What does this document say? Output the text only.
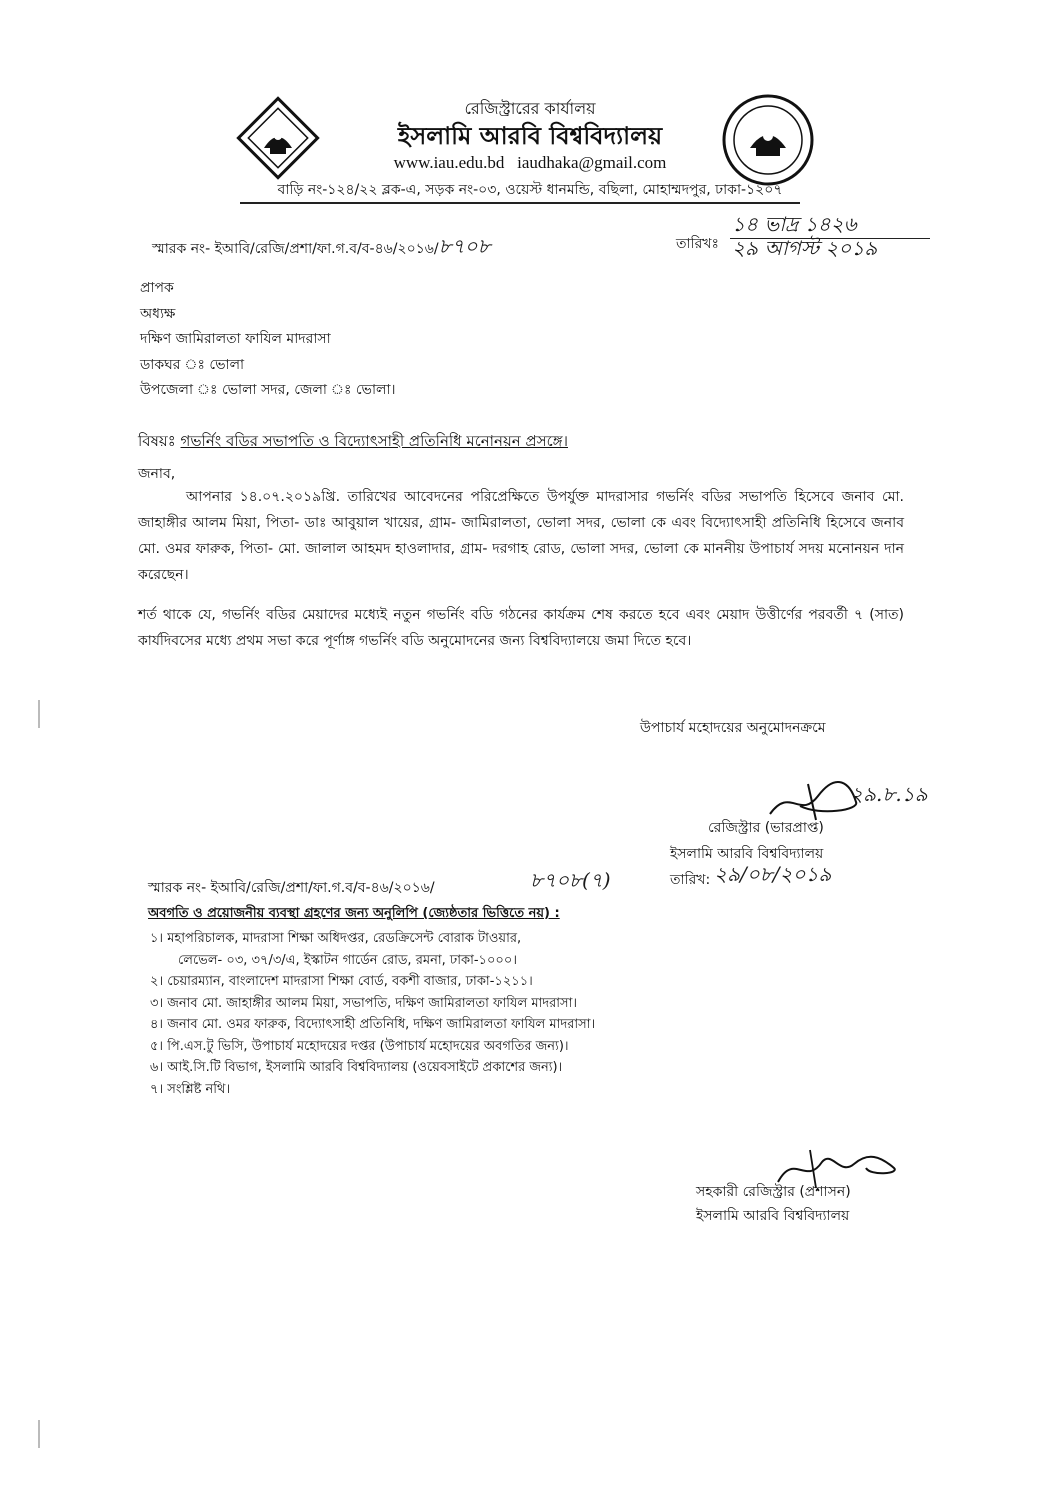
রেজিস্ট্রারের কার্যালয়
ইসলামি আরবি বিশ্ববিদ্যালয়
www.iau.edu.bd iaudhaka@gmail.com
বাড়ি নং-১২৪/২২ ব্লক-এ, সড়ক নং-০৩, ওয়েস্ট ধানমন্ডি, বছিলা, মোহাম্মদপুর, ঢাকা-১২০৭
স্মারক নং- ইআবি/রেজি/প্রশা/ফা.গ.ব/ব-৪৬/২০১৬/৮৭০৮	তারিখঃ
১৪ ভাদ্র ১৪২৬
২৯ আগস্ট ২০১৯
প্রাপক
অধ্যক্ষ
দক্ষিণ জামিরালতা ফাযিল মাদরাসা
ডাকঘর ঃ ভোলা
উপজেলা ঃ ভোলা সদর, জেলা ঃ ভোলা।
বিষয়ঃ গভর্নিং বডির সভাপতি ও বিদ্যোৎসাহী প্রতিনিধি মনোনয়ন প্রসঙ্গে।
জনাব,
আপনার ১৪.০৭.২০১৯খ্রি. তারিখের আবেদনের পরিপ্রেক্ষিতে উপর্যুক্ত মাদরাসার গভর্নিং বডির সভাপতি হিসেবে জনাব মো. জাহাঙ্গীর আলম মিয়া, পিতা- ডাঃ আবুয়াল খায়ের, গ্রাম- জামিরালতা, ভোলা সদর, ভোলা কে এবং বিদ্যোৎসাহী প্রতিনিধি হিসেবে জনাব মো. ওমর ফারুক, পিতা- মো. জালাল আহমদ হাওলাদার, গ্রাম- দরগাহ রোড, ভোলা সদর, ভোলা কে মাননীয় উপাচার্য সদয় মনোনয়ন দান করেছেন।
শর্ত থাকে যে, গভর্নিং বডির মেয়াদের মধ্যেই নতুন গভর্নিং বডি গঠনের কার্যক্রম শেষ করতে হবে এবং মেয়াদ উত্তীর্ণের পরবর্তী ৭ (সাত) কার্যদিবসের মধ্যে প্রথম সভা করে পূর্ণাঙ্গ গভর্নিং বডি অনুমোদনের জন্য বিশ্ববিদ্যালয়ে জমা দিতে হবে।
উপাচার্য মহোদয়ের অনুমোদনক্রমে
২৯.৮.১৯
রেজিস্ট্রার (ভারপ্রাপ্ত)
ইসলামি আরবি বিশ্ববিদ্যালয়
তারিখ: ২৯/০৮/২০১৯
স্মারক নং- ইআবি/রেজি/প্রশা/ফা.গ.ব/ব-৪৬/২০১৬/	৮৭০৮(৭)
অবগতি ও প্রয়োজনীয় ব্যবস্থা গ্রহণের জন্য অনুলিপি (জ্যেষ্ঠতার ভিত্তিতে নয়) :
১। মহাপরিচালক, মাদরাসা শিক্ষা অধিদপ্তর, রেডক্রিসেন্ট বোরাক টাওয়ার,
লেভেল- ০৩, ৩৭/৩/এ, ইস্কাটন গার্ডেন রোড, রমনা, ঢাকা-১০০০।
২। চেয়ারম্যান, বাংলাদেশ মাদরাসা শিক্ষা বোর্ড, বকশী বাজার, ঢাকা-১২১১।
৩। জনাব মো. জাহাঙ্গীর আলম মিয়া, সভাপতি, দক্ষিণ জামিরালতা ফাযিল মাদরাসা।
৪। জনাব মো. ওমর ফারুক, বিদ্যোৎসাহী প্রতিনিধি, দক্ষিণ জামিরালতা ফাযিল মাদরাসা।
৫। পি.এস.টু ভিসি, উপাচার্য মহোদয়ের দপ্তর (উপাচার্য মহোদয়ের অবগতির জন্য)।
৬। আই.সি.টি বিভাগ, ইসলামি আরবি বিশ্ববিদ্যালয় (ওয়েবসাইটে প্রকাশের জন্য)।
৭। সংশ্লিষ্ট নথি।
সহকারী রেজিস্ট্রার (প্রশাসন)
ইসলামি আরবি বিশ্ববিদ্যালয়
